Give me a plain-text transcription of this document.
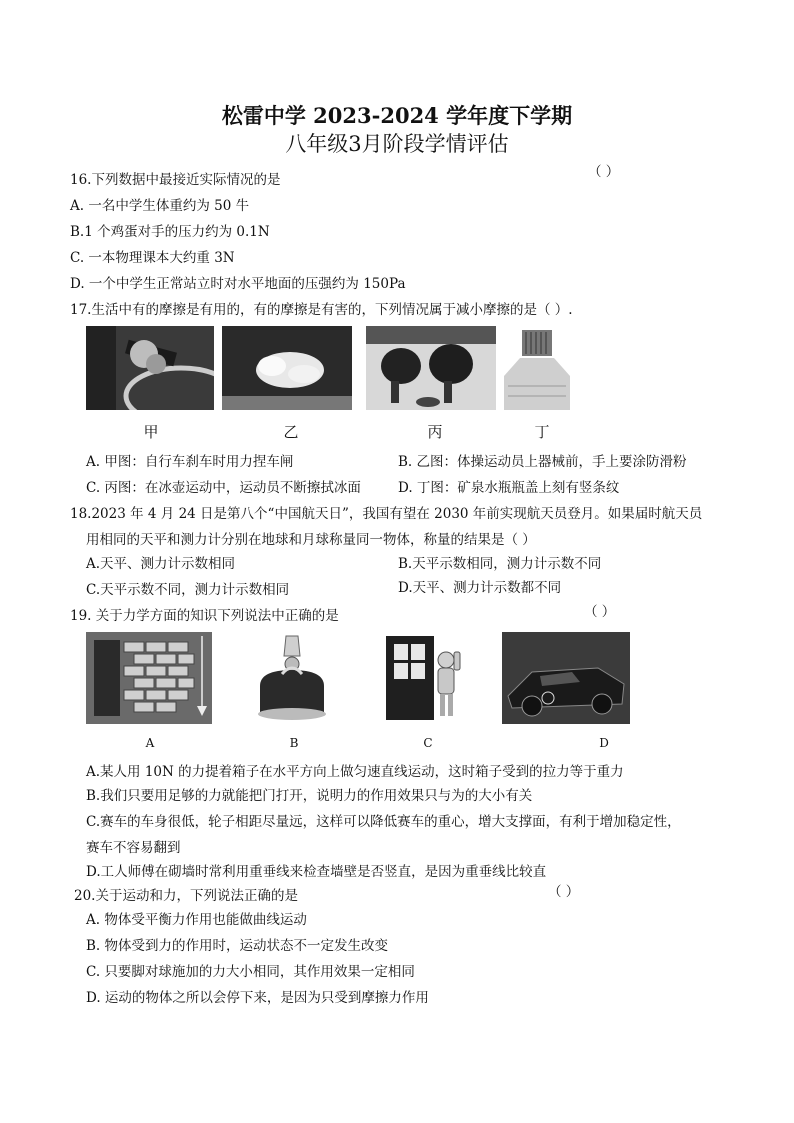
松雷中学 2023-2024 学年度下学期
八年级3月阶段学情评估
16.下列数据中最接近实际情况的是	（ ）
A. 一名中学生体重约为 50 牛
B.1 个鸡蛋对手的压力约为 0.1N
C. 一本物理课本大约重 3N
D. 一个中学生正常站立时对水平地面的压强约为 150Pa
17.生活中有的摩擦是有用的，有的摩擦是有害的，下列情况属于减小摩擦的是（ ）.
甲	乙	丙	丁
A. 甲图：自行车刹车时用力捏车闸	B. 乙图：体操运动员上器械前，手上要涂防滑粉
C. 丙图：在冰壶运动中，运动员不断擦拭冰面	D. 丁图：矿泉水瓶瓶盖上刻有竖条纹
18.2023 年 4 月 24 日是第八个“中国航天日”，我国有望在 2030 年前实现航天员登月。如果届时航天员
用相同的天平和测力计分别在地球和月球称量同一物体，称量的结果是（ ）
A.天平、测力计示数相同	B.天平示数相同，测力计示数不同
C.天平示数不同，测力计示数相同	D.天平、测力计示数都不同
19. 关于力学方面的知识下列说法中正确的是	（ ）
A	B	C	D
A.某人用 10N 的力提着箱子在水平方向上做匀速直线运动，这时箱子受到的拉力等于重力
B.我们只要用足够的力就能把门打开，说明力的作用效果只与为的大小有关
C.赛车的车身很低，轮子相距尽量远，这样可以降低赛车的重心，增大支撑面，有利于增加稳定性，
赛车不容易翻到
D.工人师傅在砌墙时常利用重垂线来检查墙壁是否竖直，是因为重垂线比较直
20.关于运动和力，下列说法正确的是	（ ）
A. 物体受平衡力作用也能做曲线运动
B. 物体受到力的作用时，运动状态不一定发生改变
C. 只要脚对球施加的力大小相同，其作用效果一定相同
D. 运动的物体之所以会停下来，是因为只受到摩擦力作用
